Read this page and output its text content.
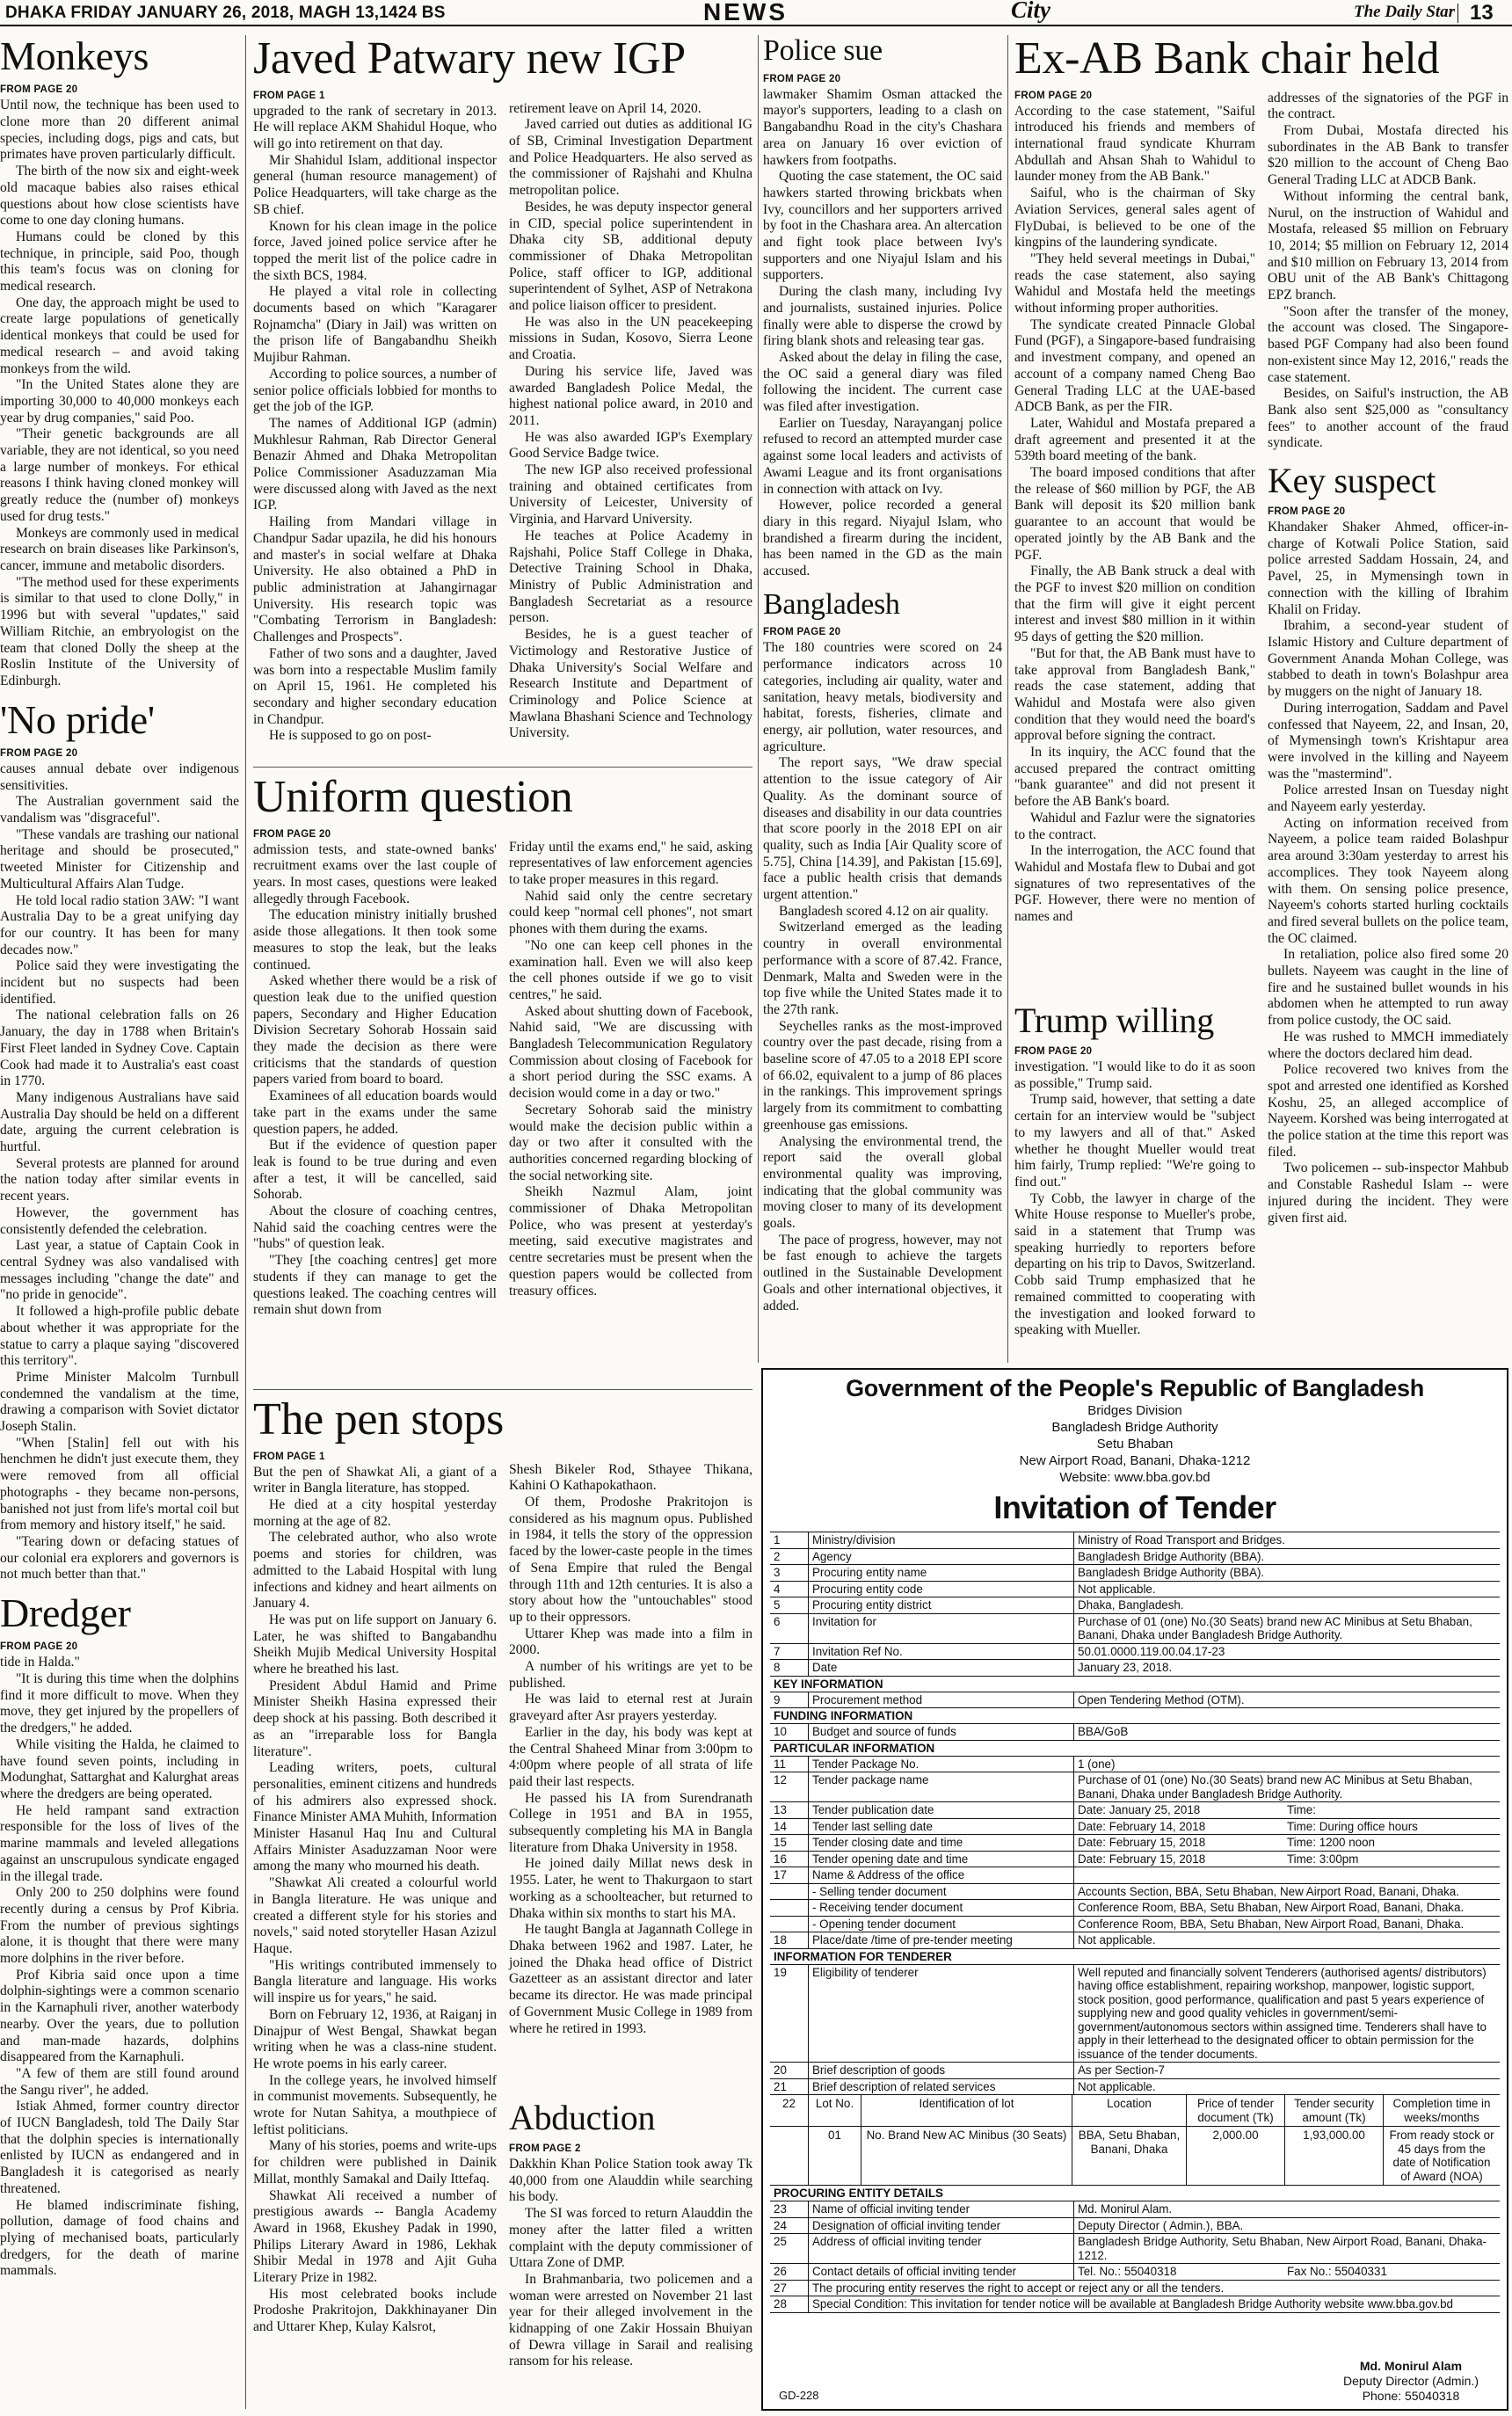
DHAKA FRIDAY JANUARY 26, 2018, MAGH 13,1424 BS	NEWS	City	The Daily Star 13
Monkeys
FROM PAGE 20

Until now, the technique has been used to clone more than 20 different animal species, including dogs, pigs and cats, but primates have proven particularly difficult.

The birth of the now six and eight-week old macaque babies also raises ethical questions about how close scientists have come to one day cloning humans.

Humans could be cloned by this technique, in principle, said Poo, though this team's focus was on cloning for medical research.

One day, the approach might be used to create large populations of genetically identical monkeys that could be used for medical research – and avoid taking monkeys from the wild.

"In the United States alone they are importing 30,000 to 40,000 monkeys each year by drug companies," said Poo.

"Their genetic backgrounds are all variable, they are not identical, so you need a large number of monkeys. For ethical reasons I think having cloned monkey will greatly reduce the (number of) monkeys used for drug tests."

Monkeys are commonly used in medical research on brain diseases like Parkinson's, cancer, immune and metabolic disorders.

"The method used for these experiments is similar to that used to clone Dolly," in 1996 but with several "updates," said William Ritchie, an embryologist on the team that cloned Dolly the sheep at the Roslin Institute of the University of Edinburgh.

'No pride'
FROM PAGE 20

causes annual debate over indigenous sensitivities.

The Australian government said the vandalism was "disgraceful".

"These vandals are trashing our national heritage and should be prosecuted," tweeted Minister for Citizenship and Multicultural Affairs Alan Tudge.

He told local radio station 3AW: "I want Australia Day to be a great unifying day for our country. It has been for many decades now."

Police said they were investigating the incident but no suspects had been identified.

The national celebration falls on 26 January, the day in 1788 when Britain's First Fleet landed in Sydney Cove. Captain Cook had made it to Australia's east coast in 1770.

Many indigenous Australians have said Australia Day should be held on a different date, arguing the current celebration is hurtful.

Several protests are planned for around the nation today after similar events in recent years.

However, the government has consistently defended the celebration.

Last year, a statue of Captain Cook in central Sydney was also vandalised with messages including "change the date" and "no pride in genocide".

It followed a high-profile public debate about whether it was appropriate for the statue to carry a plaque saying "discovered this territory".

Prime Minister Malcolm Turnbull condemned the vandalism at the time, drawing a comparison with Soviet dictator Joseph Stalin.

"When [Stalin] fell out with his henchmen he didn't just execute them, they were removed from all official photographs - they became non-persons, banished not just from life's mortal coil but from memory and history itself," he said.

"Tearing down or defacing statues of our colonial era explorers and governors is not much better than that."

Dredger
FROM PAGE 20

tide in Halda."

"It is during this time when the dolphins find it more difficult to move. When they move, they get injured by the propellers of the dredgers," he added.

While visiting the Halda, he claimed to have found seven points, including in Modunghat, Sattarghat and Kalurghat areas where the dredgers are being operated.

He held rampant sand extraction responsible for the loss of lives of the marine mammals and leveled allegations against an unscrupulous syndicate engaged in the illegal trade.

Only 200 to 250 dolphins were found recently during a census by Prof Kibria. From the number of previous sightings alone, it is thought that there were many more dolphins in the river before.

Prof Kibria said once upon a time dolphin-sightings were a common scenario in the Karnaphuli river, another waterbody nearby. Over the years, due to pollution and man-made hazards, dolphins disappeared from the Karnaphuli.

"A few of them are still found around the Sangu river", he added.

Istiak Ahmed, former country director of IUCN Bangladesh, told The Daily Star that the dolphin species is internationally enlisted by IUCN as endangered and in Bangladesh it is categorised as nearly threatened.

He blamed indiscriminate fishing, pollution, damage of food chains and plying of mechanised boats, particularly dredgers, for the death of marine mammals.

Javed Patwary new IGP
FROM PAGE 1

upgraded to the rank of secretary in 2013. He will replace AKM Shahidul Hoque, who will go into retirement on that day.

Mir Shahidul Islam, additional inspector general (human resource management) of Police Headquarters, will take charge as the SB chief.

Known for his clean image in the police force, Javed joined police service after he topped the merit list of the police cadre in the sixth BCS, 1984.

He played a vital role in collecting documents based on which "Karagarer Rojnamcha" (Diary in Jail) was written on the prison life of Bangabandhu Sheikh Mujibur Rahman.

According to police sources, a number of senior police officials lobbied for months to get the job of the IGP.

The names of Additional IGP (admin) Mukhlesur Rahman, Rab Director General Benazir Ahmed and Dhaka Metropolitan Police Commissioner Asaduzzaman Mia were discussed along with Javed as the next IGP.

Hailing from Mandari village in Chandpur Sadar upazila, he did his honours and master's in social welfare at Dhaka University. He also obtained a PhD in public administration at Jahangirnagar University. His research topic was "Combating Terrorism in Bangladesh: Challenges and Prospects".

Father of two sons and a daughter, Javed was born into a respectable Muslim family on April 15, 1961. He completed his secondary and higher secondary education in Chandpur.

He is supposed to go on post-

retirement leave on April 14, 2020.

Javed carried out duties as additional IG of SB, Criminal Investigation Department and Police Headquarters. He also served as the commissioner of Rajshahi and Khulna metropolitan police.

Besides, he was deputy inspector general in CID, special police superintendent in Dhaka city SB, additional deputy commissioner of Dhaka Metropolitan Police, staff officer to IGP, additional superintendent of Sylhet, ASP of Netrakona and police liaison officer to president.

He was also in the UN peacekeeping missions in Sudan, Kosovo, Sierra Leone and Croatia.

During his service life, Javed was awarded Bangladesh Police Medal, the highest national police award, in 2010 and 2011.

He was also awarded IGP's Exemplary Good Service Badge twice.

The new IGP also received professional training and obtained certificates from University of Leicester, University of Virginia, and Harvard University.

He teaches at Police Academy in Rajshahi, Police Staff College in Dhaka, Detective Training School in Dhaka, Ministry of Public Administration and Bangladesh Secretariat as a resource person.

Besides, he is a guest teacher of Victimology and Restorative Justice of Dhaka University's Social Welfare and Research Institute and Department of Criminology and Police Science at Mawlana Bhashani Science and Technology University.

Uniform question
FROM PAGE 20

admission tests, and state-owned banks' recruitment exams over the last couple of years. In most cases, questions were leaked allegedly through Facebook.

The education ministry initially brushed aside those allegations. It then took some measures to stop the leak, but the leaks continued.

Asked whether there would be a risk of question leak due to the unified question papers, Secondary and Higher Education Division Secretary Sohorab Hossain said they made the decision as there were criticisms that the standards of question papers varied from board to board.

Examinees of all education boards would take part in the exams under the same question papers, he added.

But if the evidence of question paper leak is found to be true during and even after a test, it will be cancelled, said Sohorab.

About the closure of coaching centres, Nahid said the coaching centres were the "hubs" of question leak.

"They [the coaching centres] get more students if they can manage to get the questions leaked. The coaching centres will remain shut down from

Friday until the exams end," he said, asking representatives of law enforcement agencies to take proper measures in this regard.

Nahid said only the centre secretary could keep "normal cell phones", not smart phones with them during the exams.

"No one can keep cell phones in the examination hall. Even we will also keep the cell phones outside if we go to visit centres," he said.

Asked about shutting down of Facebook, Nahid said, "We are discussing with Bangladesh Telecommunication Regulatory Commission about closing of Facebook for a short period during the SSC exams. A decision would come in a day or two."

Secretary Sohorab said the ministry would make the decision public within a day or two after it consulted with the authorities concerned regarding blocking of the social networking site.

Sheikh Nazmul Alam, joint commissioner of Dhaka Metropolitan Police, who was present at yesterday's meeting, said executive magistrates and centre secretaries must be present when the question papers would be collected from treasury offices.

The pen stops
FROM PAGE 1

But the pen of Shawkat Ali, a giant of a writer in Bangla literature, has stopped.

He died at a city hospital yesterday morning at the age of 82.

The celebrated author, who also wrote poems and stories for children, was admitted to the Labaid Hospital with lung infections and kidney and heart ailments on January 4.

He was put on life support on January 6. Later, he was shifted to Bangabandhu Sheikh Mujib Medical University Hospital where he breathed his last.

President Abdul Hamid and Prime Minister Sheikh Hasina expressed their deep shock at his passing. Both described it as an "irreparable loss for Bangla literature".

Leading writers, poets, cultural personalities, eminent citizens and hundreds of his admirers also expressed shock. Finance Minister AMA Muhith, Information Minister Hasanul Haq Inu and Cultural Affairs Minister Asaduzzaman Noor were among the many who mourned his death.

"Shawkat Ali created a colourful world in Bangla literature. He was unique and created a different style for his stories and novels," said noted storyteller Hasan Azizul Haque.

"His writings contributed immensely to Bangla literature and language. His works will inspire us for years," he said.

Born on February 12, 1936, at Raiganj in Dinajpur of West Bengal, Shawkat began writing when he was a class-nine student. He wrote poems in his early career.

In the college years, he involved himself in communist movements. Subsequently, he wrote for Nutan Sahitya, a mouthpiece of leftist politicians.

Many of his stories, poems and write-ups for children were published in Dainik Millat, monthly Samakal and Daily Ittefaq.

Shawkat Ali received a number of prestigious awards -- Bangla Academy Award in 1968, Ekushey Padak in 1990, Philips Literary Award in 1986, Lekhak Shibir Medal in 1978 and Ajit Guha Literary Prize in 1982.

His most celebrated books include Prodoshe Prakritojon, Dakkhinayaner Din and Uttarer Khep, Kulay Kalsrot,

Shesh Bikeler Rod, Sthayee Thikana, Kahini O Kathapokathaon.

Of them, Prodoshe Prakritojon is considered as his magnum opus. Published in 1984, it tells the story of the oppression faced by the lower-caste people in the times of Sena Empire that ruled the Bengal through 11th and 12th centuries. It is also a story about how the "untouchables" stood up to their oppressors.

Uttarer Khep was made into a film in 2000.

A number of his writings are yet to be published.

He was laid to eternal rest at Jurain graveyard after Asr prayers yesterday.

Earlier in the day, his body was kept at the Central Shaheed Minar from 3:00pm to 4:00pm where people of all strata of life paid their last respects.

He passed his IA from Surendranath College in 1951 and BA in 1955, subsequently completing his MA in Bangla literature from Dhaka University in 1958.

He joined daily Millat news desk in 1955. Later, he went to Thakurgaon to start working as a schoolteacher, but returned to Dhaka within six months to start his MA.

He taught Bangla at Jagannath College in Dhaka between 1962 and 1987. Later, he joined the Dhaka head office of District Gazetteer as an assistant director and later became its director. He was made principal of Government Music College in 1989 from where he retired in 1993.

Abduction
FROM PAGE 2

Dakkhin Khan Police Station took away Tk 40,000 from one Alauddin while searching his body.

The SI was forced to return Alauddin the money after the latter filed a written complaint with the deputy commissioner of Uttara Zone of DMP.

In Brahmanbaria, two policemen and a woman were arrested on November 21 last year for their alleged involvement in the kidnapping of one Zakir Hossain Bhuiyan of Dewra village in Sarail and realising ransom for his release.

Police sue
FROM PAGE 20

lawmaker Shamim Osman attacked the mayor's supporters, leading to a clash on Bangabandhu Road in the city's Chashara area on January 16 over eviction of hawkers from footpaths.

Quoting the case statement, the OC said hawkers started throwing brickbats when Ivy, councillors and her supporters arrived by foot in the Chashara area. An altercation and fight took place between Ivy's supporters and one Niyajul Islam and his supporters.

During the clash many, including Ivy and journalists, sustained injuries. Police finally were able to disperse the crowd by firing blank shots and releasing tear gas.

Asked about the delay in filing the case, the OC said a general diary was filed following the incident. The current case was filed after investigation.

Earlier on Tuesday, Narayanganj police refused to record an attempted murder case against some local leaders and activists of Awami League and its front organisations in connection with attack on Ivy.

However, police recorded a general diary in this regard. Niyajul Islam, who brandished a firearm during the incident, has been named in the GD as the main accused.

Bangladesh
FROM PAGE 20

The 180 countries were scored on 24 performance indicators across 10 categories, including air quality, water and sanitation, heavy metals, biodiversity and habitat, forests, fisheries, climate and energy, air pollution, water resources, and agriculture.

The report says, "We draw special attention to the issue category of Air Quality. As the dominant source of diseases and disability in our data countries that score poorly in the 2018 EPI on air quality, such as India [Air Quality score of 5.75], China [14.39], and Pakistan [15.69], face a public health crisis that demands urgent attention."

Bangladesh scored 4.12 on air quality.

Switzerland emerged as the leading country in overall environmental performance with a score of 87.42. France, Denmark, Malta and Sweden were in the top five while the United States made it to the 27th rank.

Seychelles ranks as the most-improved country over the past decade, rising from a baseline score of 47.05 to a 2018 EPI score of 66.02, equivalent to a jump of 86 places in the rankings. This improvement springs largely from its commitment to combatting greenhouse gas emissions.

Analysing the environmental trend, the report said the overall global environmental quality was improving, indicating that the global community was moving closer to many of its development goals.

The pace of progress, however, may not be fast enough to achieve the targets outlined in the Sustainable Development Goals and other international objectives, it added.

Ex-AB Bank chair held
FROM PAGE 20

According to the case statement, "Saiful introduced his friends and members of international fraud syndicate Khurram Abdullah and Ahsan Shah to Wahidul to launder money from the AB Bank."

Saiful, who is the chairman of Sky Aviation Services, general sales agent of FlyDubai, is believed to be one of the kingpins of the laundering syndicate.

"They held several meetings in Dubai," reads the case statement, also saying Wahidul and Mostafa held the meetings without informing proper authorities.

The syndicate created Pinnacle Global Fund (PGF), a Singapore-based fundraising and investment company, and opened an account of a company named Cheng Bao General Trading LLC at the UAE-based ADCB Bank, as per the FIR.

Later, Wahidul and Mostafa prepared a draft agreement and presented it at the 539th board meeting of the bank.

The board imposed conditions that after the release of $60 million by PGF, the AB Bank will deposit its $20 million bank guarantee to an account that would be operated jointly by the AB Bank and the PGF.

Finally, the AB Bank struck a deal with the PGF to invest $20 million on condition that the firm will give it eight percent interest and invest $80 million in it within 95 days of getting the $20 million.

"But for that, the AB Bank must have to take approval from Bangladesh Bank," reads the case statement, adding that Wahidul and Mostafa were also given condition that they would need the board's approval before signing the contract.

In its inquiry, the ACC found that the accused prepared the contract omitting "bank guarantee" and did not present it before the AB Bank's board.

Wahidul and Fazlur were the signatories to the contract.

In the interrogation, the ACC found that Wahidul and Mostafa flew to Dubai and got signatures of two representatives of the PGF. However, there were no mention of names and

addresses of the signatories of the PGF in the contract.

From Dubai, Mostafa directed his subordinates in the AB Bank to transfer $20 million to the account of Cheng Bao General Trading LLC at ADCB Bank.

Without informing the central bank, Nurul, on the instruction of Wahidul and Mostafa, released $5 million on February 10, 2014; $5 million on February 12, 2014 and $10 million on February 13, 2014 from OBU unit of the AB Bank's Chittagong EPZ branch.

"Soon after the transfer of the money, the account was closed. The Singapore-based PGF Company had also been found non-existent since May 12, 2016," reads the case statement.

Besides, on Saiful's instruction, the AB Bank also sent $25,000 as "consultancy fees" to another account of the fraud syndicate.

Key suspect
FROM PAGE 20

Khandaker Shaker Ahmed, officer-in-charge of Kotwali Police Station, said police arrested Saddam Hossain, 24, and Pavel, 25, in Mymensingh town in connection with the killing of Ibrahim Khalil on Friday.

Ibrahim, a second-year student of Islamic History and Culture department of Government Ananda Mohan College, was stabbed to death in town's Bolashpur area by muggers on the night of January 18.

During interrogation, Saddam and Pavel confessed that Nayeem, 22, and Insan, 20, of Mymensingh town's Krishtapur area were involved in the killing and Nayeem was the "mastermind".

Police arrested Insan on Tuesday night and Nayeem early yesterday.

Acting on information received from Nayeem, a police team raided Bolashpur area around 3:30am yesterday to arrest his accomplices. They took Nayeem along with them. On sensing police presence, Nayeem's cohorts started hurling cocktails and fired several bullets on the police team, the OC claimed.

In retaliation, police also fired some 20 bullets. Nayeem was caught in the line of fire and he sustained bullet wounds in his abdomen when he attempted to run away from police custody, the OC said.

He was rushed to MMCH immediately where the doctors declared him dead.

Police recovered two knives from the spot and arrested one identified as Korshed Koshu, 25, an alleged accomplice of Nayeem. Korshed was being interrogated at the police station at the time this report was filed.

Two policemen -- sub-inspector Mahbub and Constable Rashedul Islam -- were injured during the incident. They were given first aid.

Trump willing
FROM PAGE 20

investigation. "I would like to do it as soon as possible," Trump said.

Trump said, however, that setting a date certain for an interview would be "subject to my lawyers and all of that." Asked whether he thought Mueller would treat him fairly, Trump replied: "We're going to find out."

Ty Cobb, the lawyer in charge of the White House response to Mueller's probe, said in a statement that Trump was speaking hurriedly to reporters before departing on his trip to Davos, Switzerland. Cobb said Trump emphasized that he remained committed to cooperating with the investigation and looked forward to speaking with Mueller.

Government of the People's Republic of Bangladesh
Bridges Division
Bangladesh Bridge Authority
Setu Bhaban
New Airport Road, Banani, Dhaka-1212
Website: www.bba.gov.bd
Invitation of Tender
1	Ministry/division	Ministry of Road Transport and Bridges.
2	Agency	Bangladesh Bridge Authority (BBA).
3	Procuring entity name	Bangladesh Bridge Authority (BBA).
4	Procuring entity code	Not applicable.
5	Procuring entity district	Dhaka, Bangladesh.
6	Invitation for	Purchase of 01 (one) No.(30 Seats) brand new AC Minibus at Setu Bhaban, Banani, Dhaka under Bangladesh Bridge Authority.
7	Invitation Ref No.	50.01.0000.119.00.04.17-23
8	Date	January 23, 2018.
KEY INFORMATION
9	Procurement method	Open Tendering Method (OTM).
FUNDING INFORMATION
10	Budget and source of funds	BBA/GoB
PARTICULAR INFORMATION
11	Tender Package No.	1 (one)
12	Tender package name	Purchase of 01 (one) No.(30 Seats) brand new AC Minibus at Setu Bhaban, Banani, Dhaka under Bangladesh Bridge Authority.
13	Tender publication date	Date: January 25, 2018	Time:
14	Tender last selling date	Date: February 14, 2018	Time: During office hours
15	Tender closing date and time	Date: February 15, 2018	Time: 1200 noon
16	Tender opening date and time	Date: February 15, 2018	Time: 3:00pm
17	Name & Address of the office
- Selling tender document	Accounts Section, BBA, Setu Bhaban, New Airport Road, Banani, Dhaka.
- Receiving tender document	Conference Room, BBA, Setu Bhaban, New Airport Road, Banani, Dhaka.
- Opening tender document	Conference Room, BBA, Setu Bhaban, New Airport Road, Banani, Dhaka.
18	Place/date /time of pre-tender meeting	Not applicable.
INFORMATION FOR TENDERER
19	Eligibility of tenderer	Well reputed and financially solvent Tenderers (authorised agents/ distributors) having office establishment, repairing workshop, manpower, logistic support, stock position, good performance, qualification and past 5 years experience of supplying new and good quality vehicles in government/semi-government/autonomous sectors within assigned time. Tenderers shall have to apply in their letterhead to the designated officer to obtain permission for the issuance of the tender documents.
20	Brief description of goods	As per Section-7
21	Brief description of related services	Not applicable.
22	Lot No.	Identification of lot	Location	Price of tender document (Tk)
Tender security amount (Tk)
Completion time in weeks/months
01	No. Brand New AC Minibus (30 Seats)	BBA, Setu Bhaban, Banani, Dhaka
2,000.00	1,93,000.00	From ready stock or 45 days from the date of Notification of Award (NOA)
PROCURING ENTITY DETAILS
23	Name of official inviting tender	Md. Monirul Alam.
24	Designation of official inviting tender	Deputy Director ( Admin.), BBA.
25	Address of official inviting tender	Bangladesh Bridge Authority, Setu Bhaban, New Airport Road, Banani, Dhaka-1212.
26	Contact details of official inviting tender	Tel. No.: 55040318	Fax No.: 55040331
27	The procuring entity reserves the right to accept or reject any or all the tenders.
28	Special Condition: This invitation for tender notice will be available at Bangladesh Bridge Authority website www.bba.gov.bd
GD-228
Md. Monirul Alam
Deputy Director (Admin.)
Phone: 55040318
